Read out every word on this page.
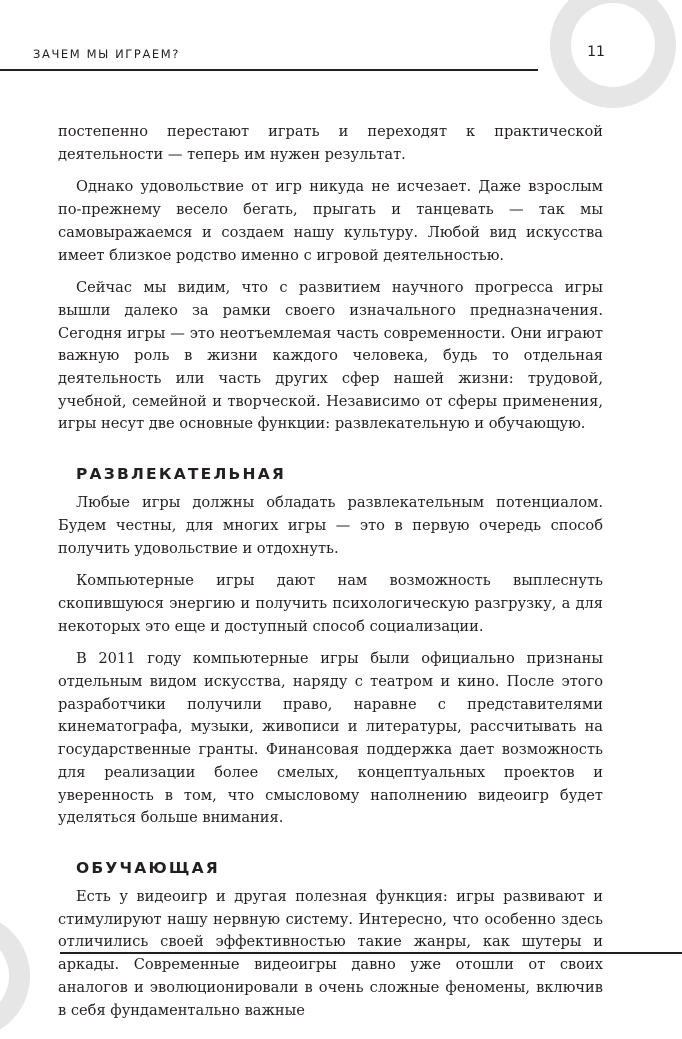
ЗАЧЕМ МЫ ИГРАЕМ?	11

постепенно перестают играть и переходят к практической деятельности — теперь им нужен результат.

Однако удовольствие от игр никуда не исчезает. Даже взрослым по-прежнему весело бегать, прыгать и танцевать — так мы самовыражаемся и создаем нашу культуру. Любой вид искусства имеет близкое родство именно с игровой деятельностью.

Сейчас мы видим, что с развитием научного прогресса игры вышли далеко за рамки своего изначального предназначения. Сегодня игры — это неотъемлемая часть современности. Они играют важную роль в жизни каждого человека, будь то отдельная деятельность или часть других сфер нашей жизни: трудовой, учебной, семейной и творческой. Независимо от сферы применения, игры несут две основные функции: развлекательную и обучающую.

РАЗВЛЕКАТЕЛЬНАЯ

Любые игры должны обладать развлекательным потенциалом. Будем честны, для многих игры — это в первую очередь способ получить удовольствие и отдохнуть.

Компьютерные игры дают нам возможность выплеснуть скопившуюся энергию и получить психологическую разгрузку, а для некоторых это еще и доступный способ социализации.

В 2011 году компьютерные игры были официально признаны отдельным видом искусства, наряду с театром и кино. После этого разработчики получили право, наравне с представителями кинематографа, музыки, живописи и литературы, рассчитывать на государственные гранты. Финансовая поддержка дает возможность для реализации более смелых, концептуальных проектов и уверенность в том, что смысловому наполнению видеоигр будет уделяться больше внимания.

ОБУЧАЮЩАЯ

Есть у видеоигр и другая полезная функция: игры развивают и стимулируют нашу нервную систему. Интересно, что особенно здесь отличились своей эффективностью такие жанры, как шутеры и аркады. Современные видеоигры давно уже отошли от своих аналогов и эволюционировали в очень сложные феномены, включив в себя фундаментально важные
